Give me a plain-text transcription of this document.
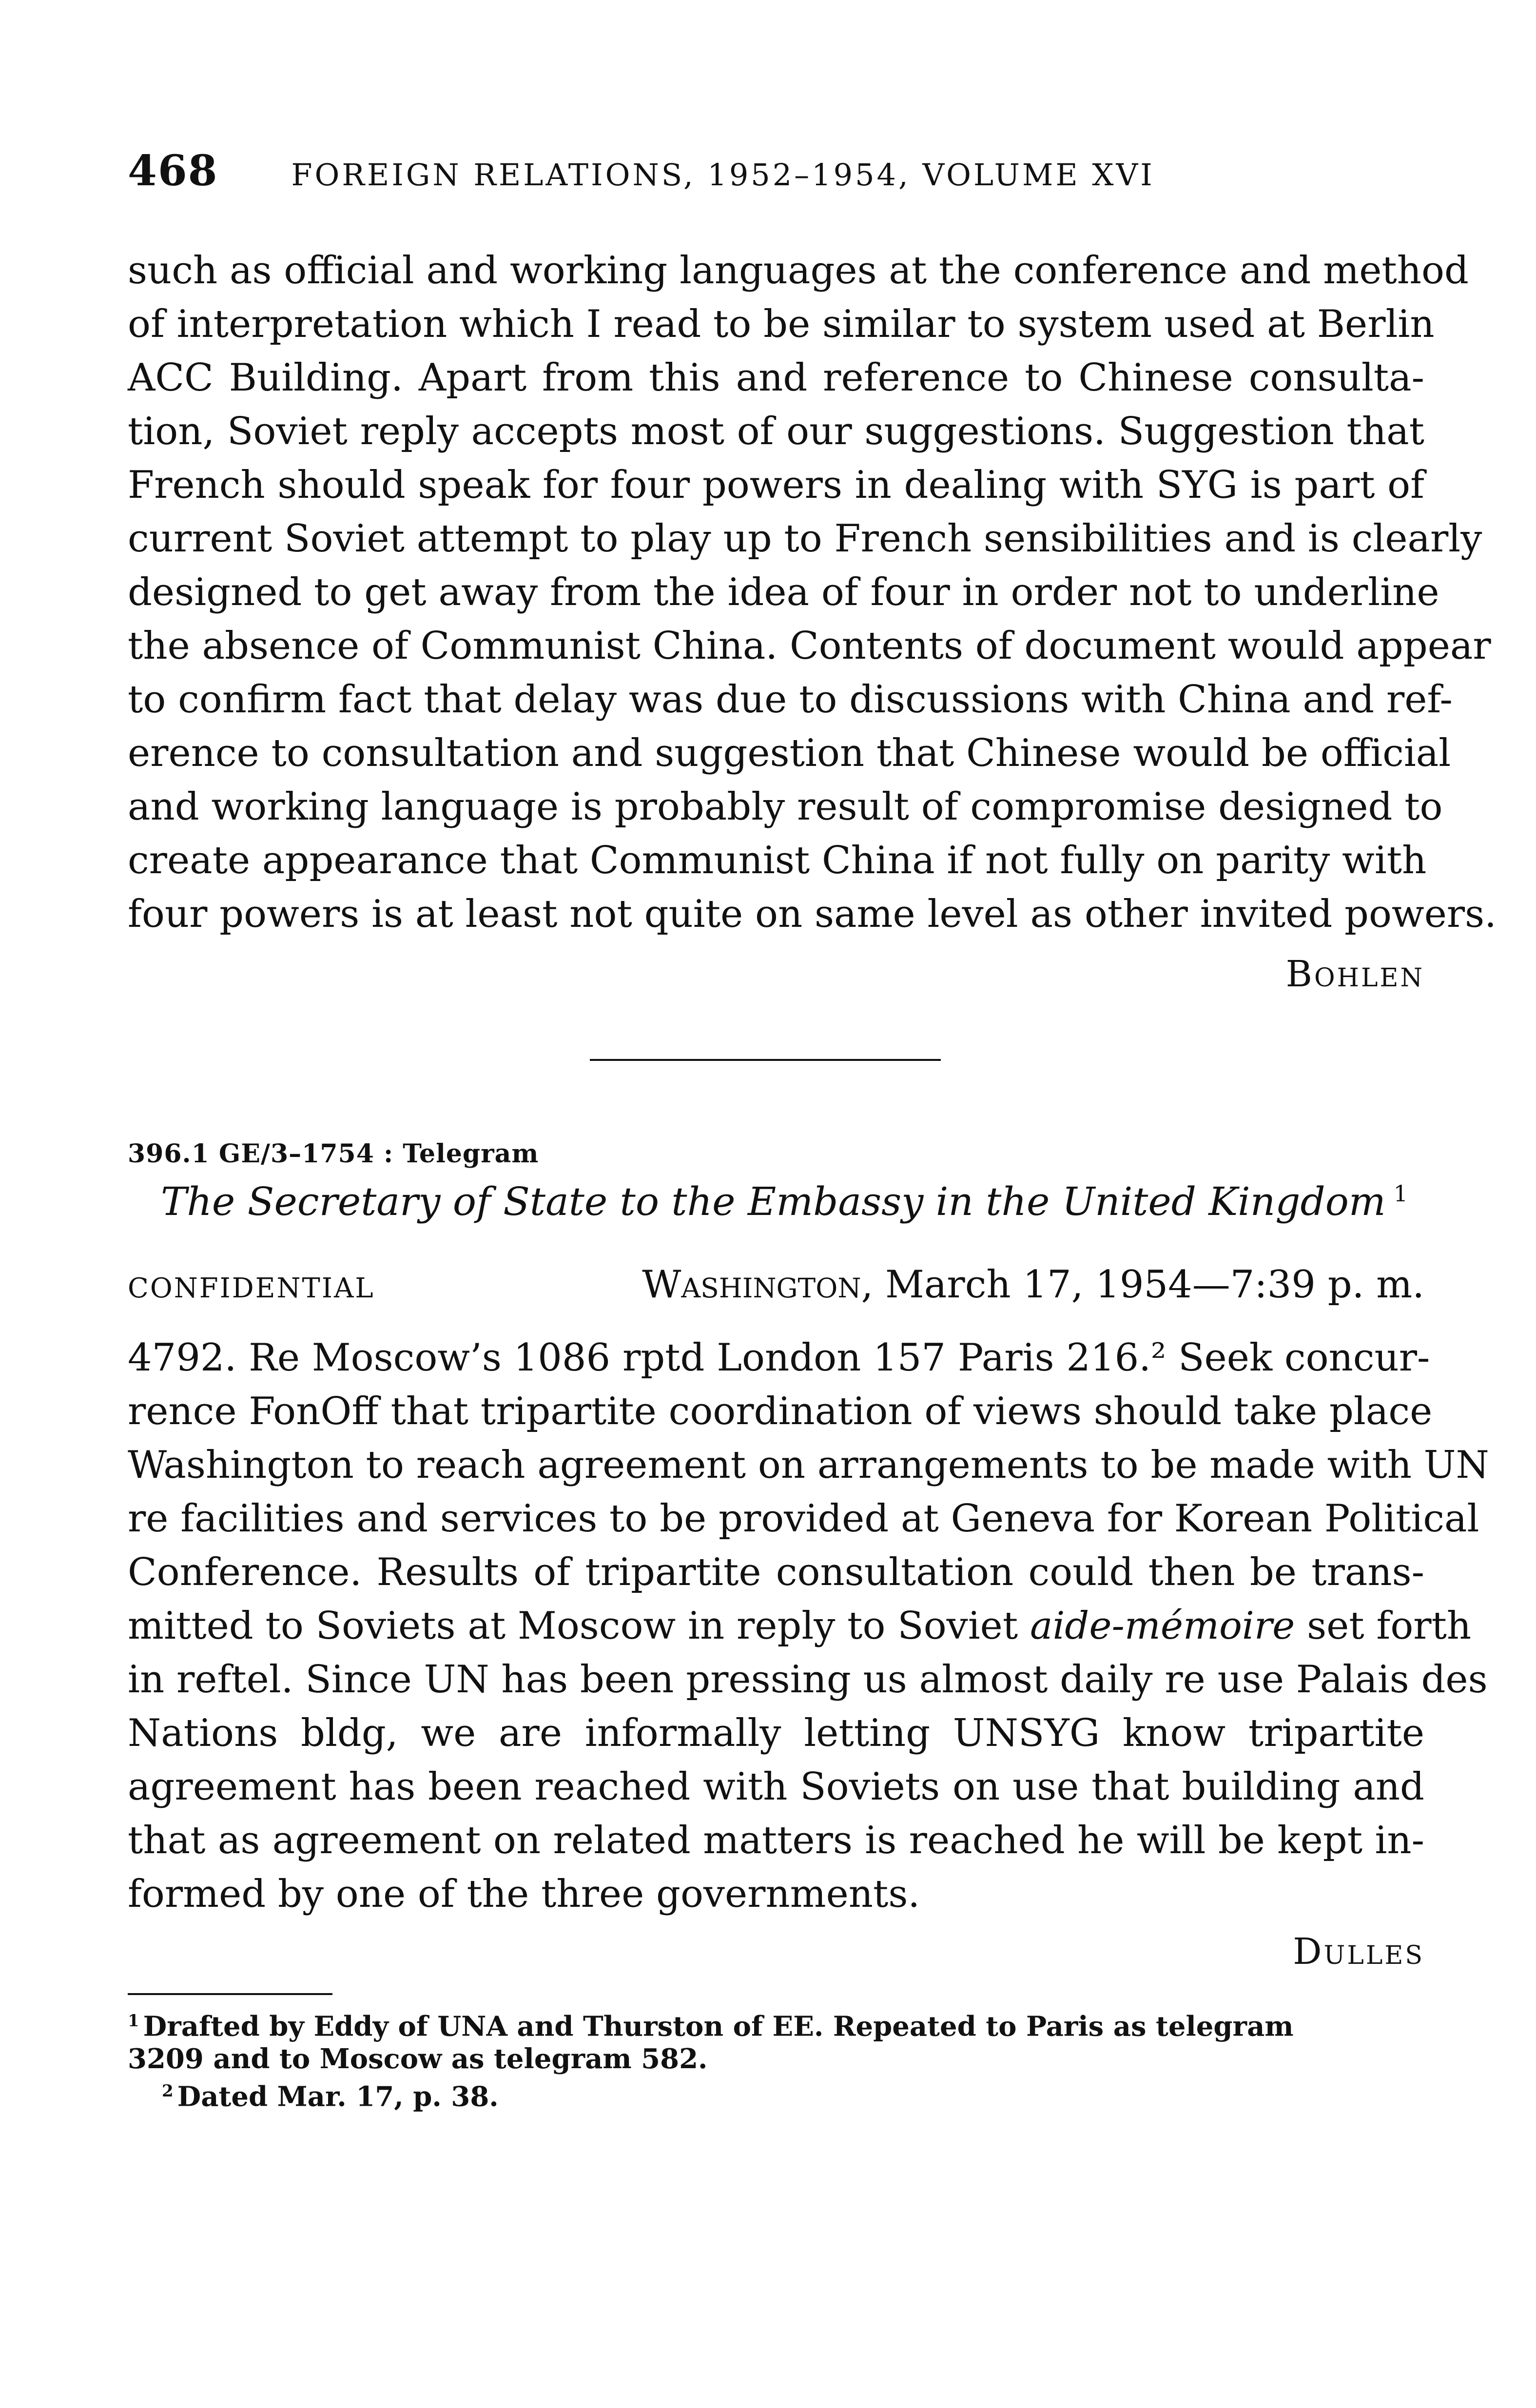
468 FOREIGN RELATIONS, 1952–1954, VOLUME XVI
such as official and working languages at the conference and method
of interpretation which I read to be similar to system used at Berlin
ACC Building. Apart from this and reference to Chinese consulta-
tion, Soviet reply accepts most of our suggestions. Suggestion that
French should speak for four powers in dealing with SYG is part of
current Soviet attempt to play up to French sensibilities and is clearly
designed to get away from the idea of four in order not to underline
the absence of Communist China. Contents of document would appear
to confirm fact that delay was due to discussions with China and ref-
erence to consultation and suggestion that Chinese would be official
and working language is probably result of compromise designed to
create appearance that Communist China if not fully on parity with
four powers is at least not quite on same level as other invited powers.
Bohlen
396.1 GE/3–1754 : Telegram
The Secretary of State to the Embassy in the United Kingdom $^1$
CONFIDENTIAL	Washington, March 17, 1954—7:39 p. m.
4792. Re Moscow’s 1086 rptd London 157 Paris 216.² Seek concur-
rence FonOff that tripartite coordination of views should take place
Washington to reach agreement on arrangements to be made with UN
re facilities and services to be provided at Geneva for Korean Political
Conference. Results of tripartite consultation could then be trans-
mitted to Soviets at Moscow in reply to Soviet aide-mémoire set forth
in reftel. Since UN has been pressing us almost daily re use Palais des
Nations bldg, we are informally letting UNSYG know tripartite
agreement has been reached with Soviets on use that building and
that as agreement on related matters is reached he will be kept in-
formed by one of the three governments.
Dulles
$^1$ Drafted by Eddy of UNA and Thurston of EE. Repeated to Paris as telegram
3209 and to Moscow as telegram 582.
$^2$ Dated Mar. 17, p. 38.
